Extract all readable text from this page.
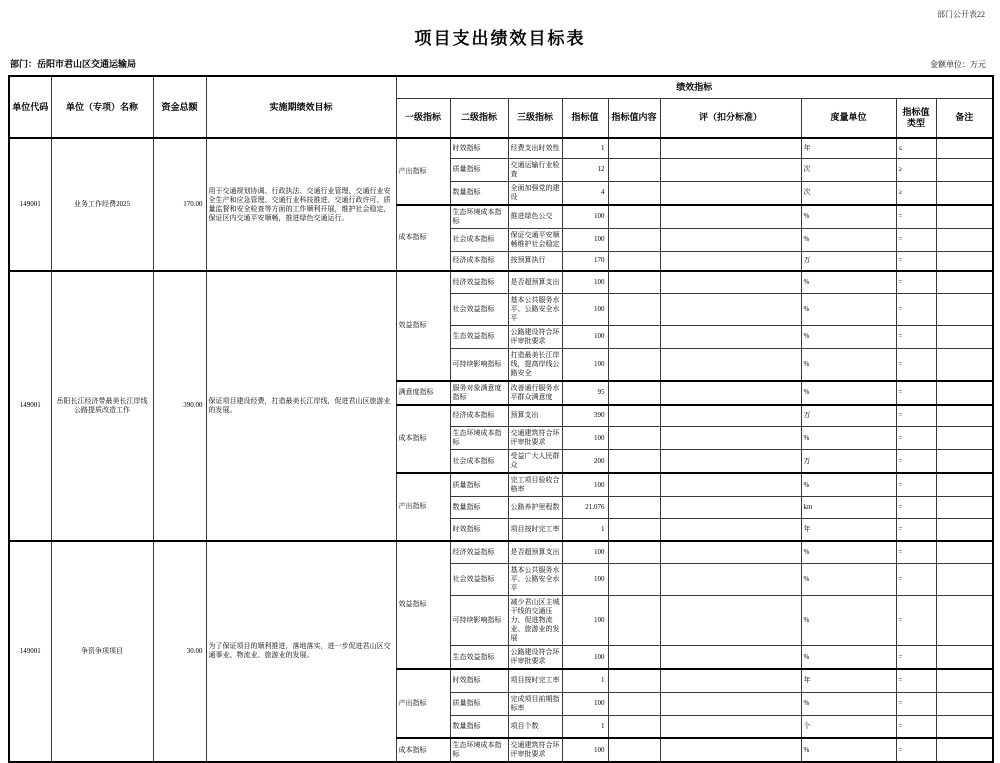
部门公开表22
项目支出绩效目标表
部门：岳阳市君山区交通运输局	金额单位：万元
单位代码	单位（专项）名称	资金总额	实施期绩效目标	绩效指标								
				一级指标	二级指标	三级指标	指标值	指标值内容	评（扣分标准）	度量单位	指标值类型	备注
149001	业务工作经费2025	170.00	用于交通规划协调、行政执法、交通行业管理、交通行业安全生产和应急管理、交通行业科技推进、交通行政许可、质量监督和安全检查等方面的工作顺利开展，维护社会稳定，保证区内交通平安顺畅，推进绿色交通运行。	产出指标	时效指标	经费支出时效性	1			年	≤	
					质量指标	交通运输行业检查	12			次	≥	
					数量指标	全面加强党的建设	4			次	≥	
				成本指标	生态环境成本指标	推进绿色公交	100			%	=	
					社会成本指标	保证交通平安顺畅维护社会稳定	100			%	=	
					经济成本指标	按预算执行	170			万	=	
149001	岳阳长江经济带最美长江岸线公路提质改造工作	390.00	保证项目建设经费，打造最美长江岸线，促进君山区旅游业的发展。	效益指标	经济效益指标	是否超预算支出	100			%	=	
					社会效益指标	基本公共服务水平、公路安全水平	100			%	=	
					生态效益指标	公路建设符合环评审批要求	100			%	=	
					可持续影响指标	打造最美长江岸线，提高岸线公路安全	100			%	=	
				满意度指标	服务对象满意度指标	改善通行服务水平群众满意度	95			%	=	
				成本指标	经济成本指标	预算支出	390			万	=	
					生态环境成本指标	交通建筑符合环评审批要求	100			%	=	
					社会成本指标	受益广大人民群众	200			万	=	
				产出指标	质量指标	完工项目验收合格率	100			%	=	
					数量指标	公路养护里程数	21.076			km	=	
					时效指标	项目按时完工率	1			年	=	
149001	争资争项项目	30.00	为了保证项目的顺利推进，落地落实，进一步促进君山区交通事业、物流业、旅游业的发展。	效益指标	经济效益指标	是否超预算支出	100			%	=	
					社会效益指标	基本公共服务水平、公路安全水平	100			%	=	
					可持续影响指标	减少君山区主城干线的交通压力、促进物流业、旅游业的发展	100			%	=	
					生态效益指标	公路建设符合环评审批要求	100			%	=	
				产出指标	时效指标	项目按时完工率	1			年	=	
					质量指标	完成项目前期指标率	100			%	=	
					数量指标	项目个数	1			个	=	
				成本指标	生态环境成本指标	交通建筑符合环评审批要求	100			%	=	
